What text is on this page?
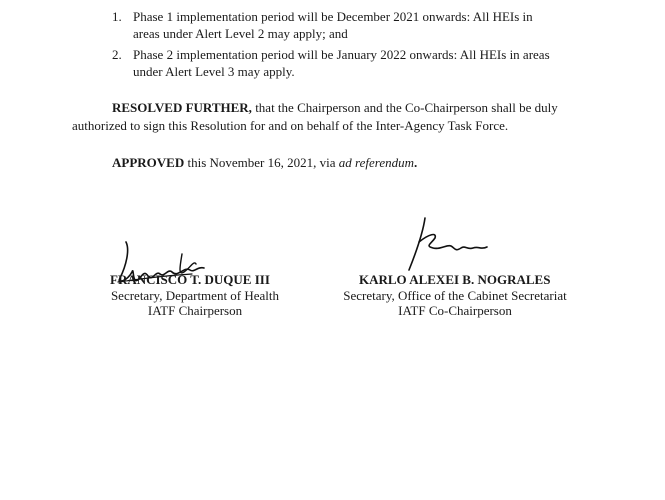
1. Phase 1 implementation period will be December 2021 onwards: All HEIs in
areas under Alert Level 2 may apply; and
2. Phase 2 implementation period will be January 2022 onwards: All HEIs in areas
under Alert Level 3 may apply.
RESOLVED FURTHER, that the Chairperson and the Co-Chairperson shall be duly
authorized to sign this Resolution for and on behalf of the Inter-Agency Task Force.
APPROVED this November 16, 2021, via ad referendum.
FRANCISCO T. DUQUE III
Secretary, Department of Health
IATF Chairperson
KARLO ALEXEI B. NOGRALES
Secretary, Office of the Cabinet Secretariat
IATF Co-Chairperson
